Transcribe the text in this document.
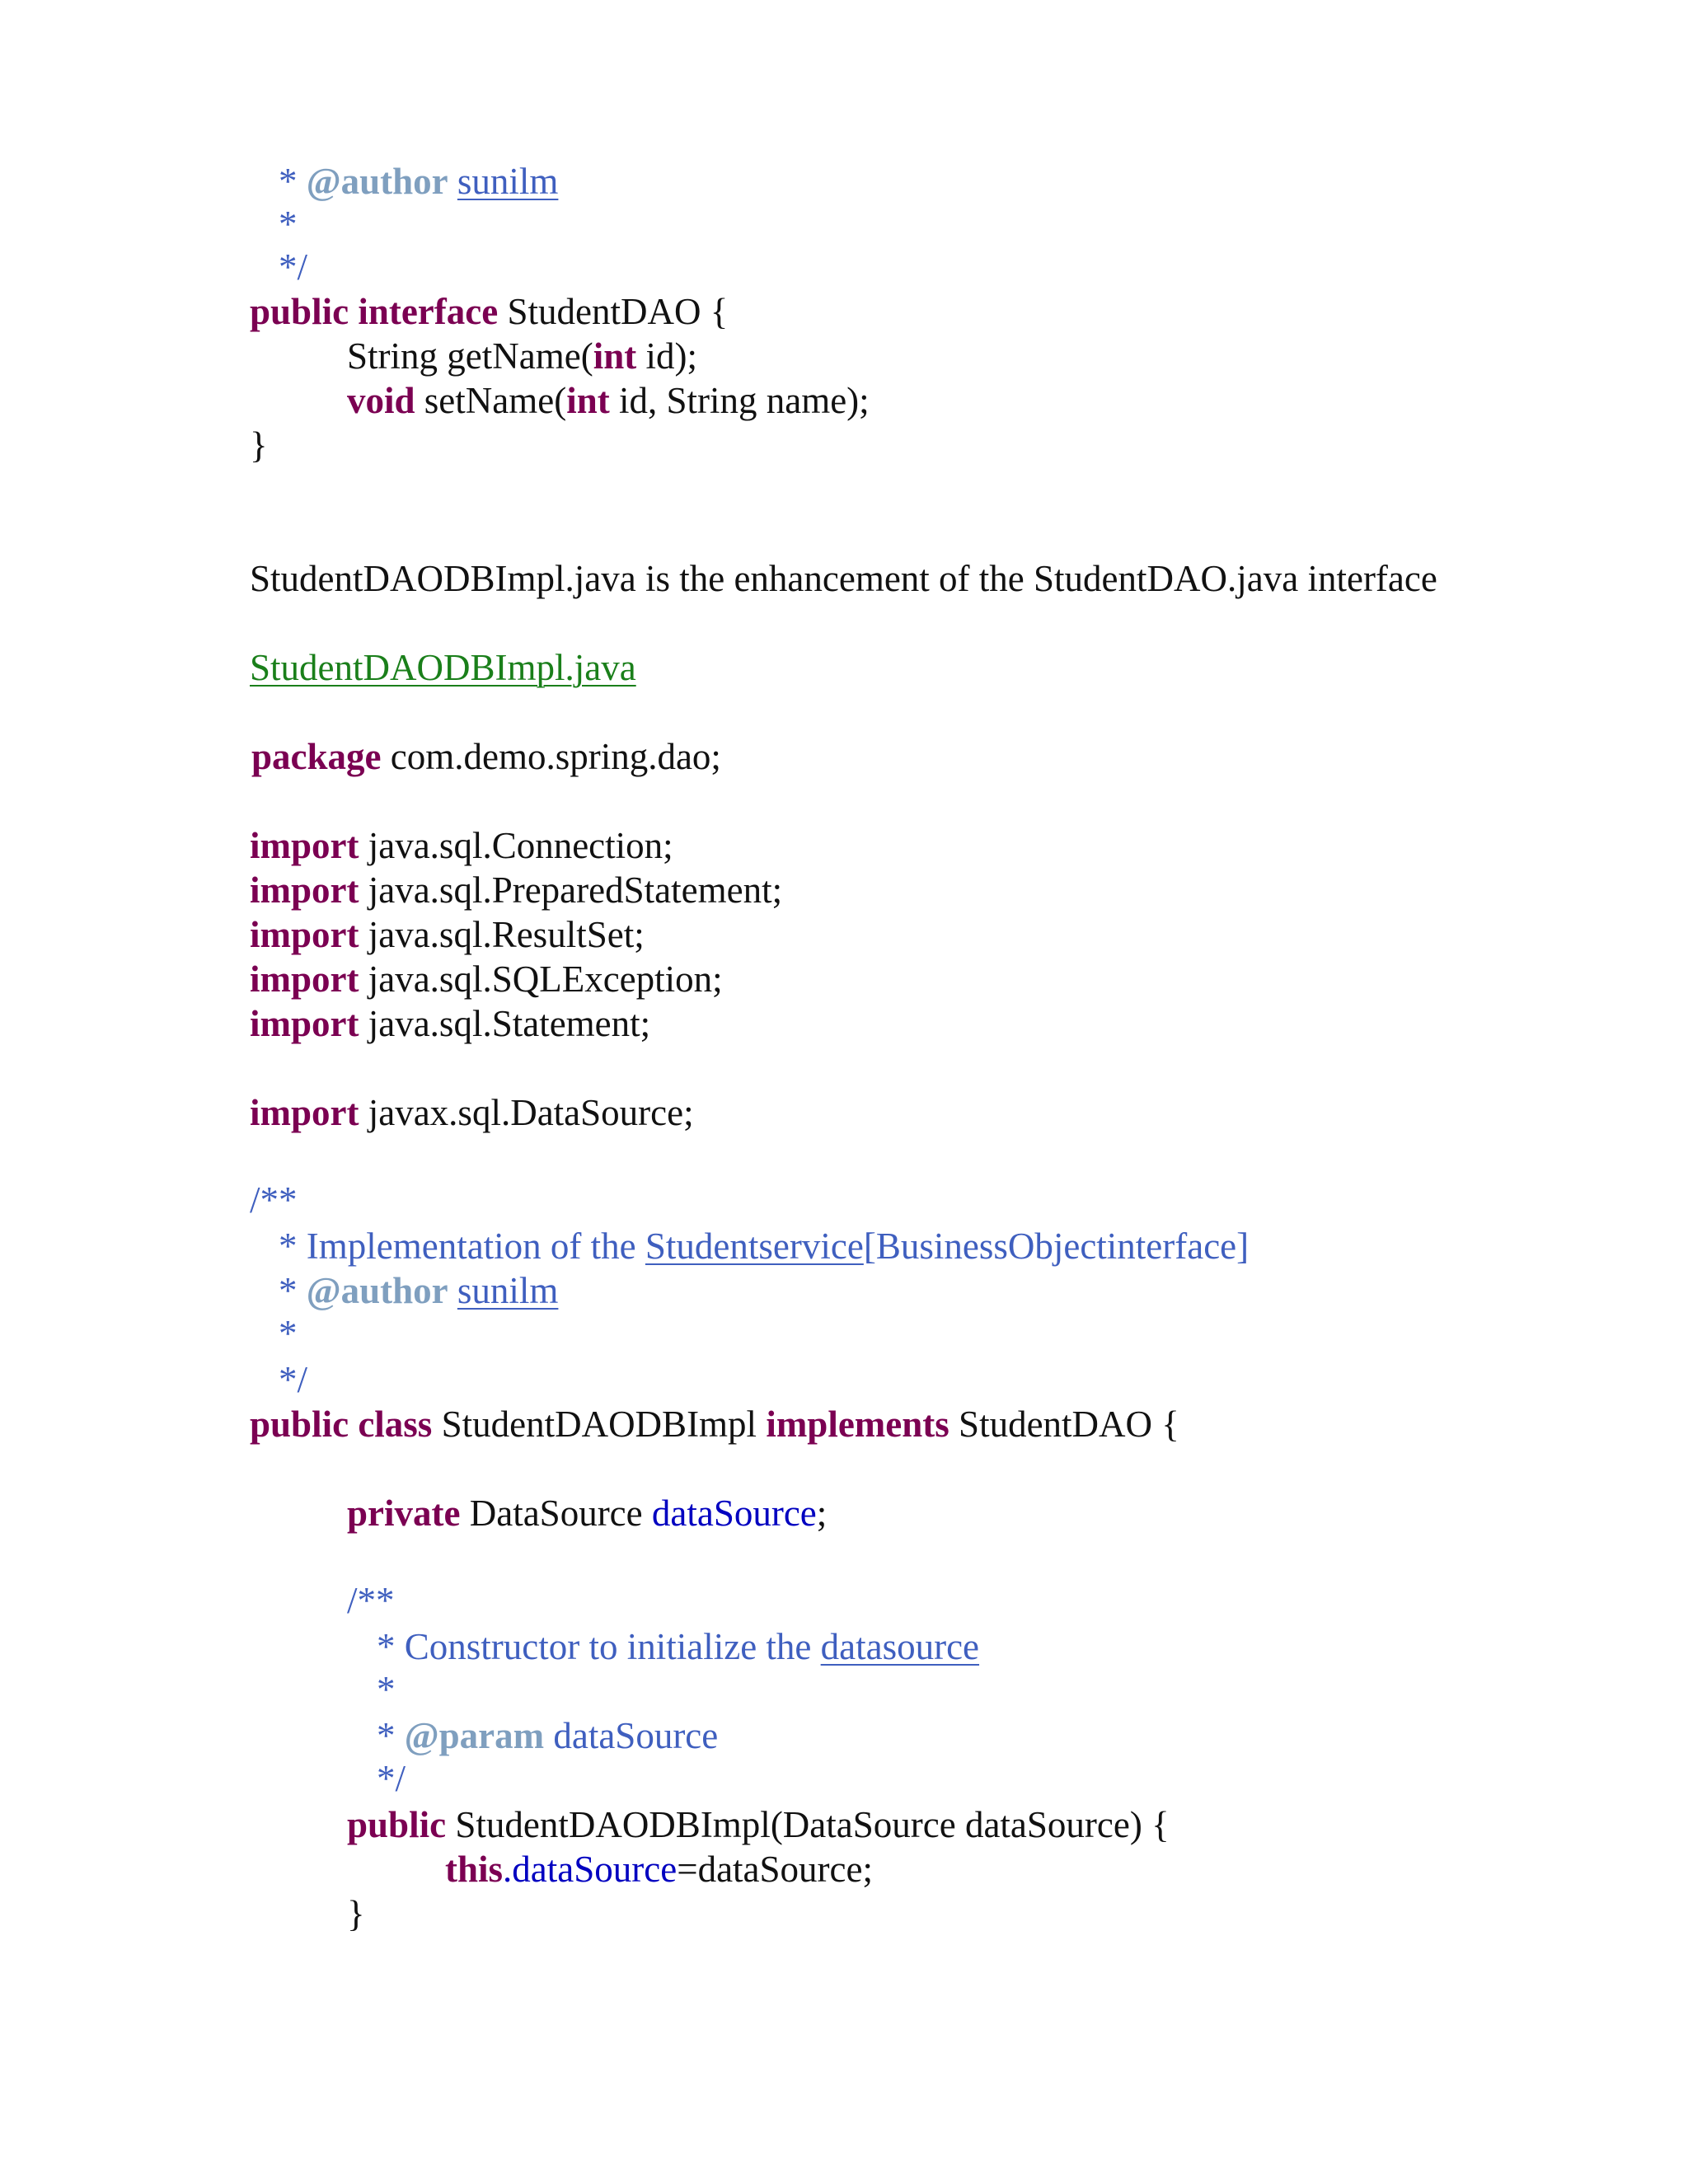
* @author sunilm
*
*/
public interface StudentDAO {
String getName(int id);
void setName(int id, String name);
}
StudentDAODBImpl.java is the enhancement of the StudentDAO.java interface
StudentDAODBImpl.java
package com.demo.spring.dao;
import java.sql.Connection;
import java.sql.PreparedStatement;
import java.sql.ResultSet;
import java.sql.SQLException;
import java.sql.Statement;
import javax.sql.DataSource;
/**
* Implementation of the Studentservice[BusinessObjectinterface]
* @author sunilm
*
*/
public class StudentDAODBImpl implements StudentDAO {
private DataSource dataSource;
/**
* Constructor to initialize the datasource
*
* @param dataSource
*/
public StudentDAODBImpl(DataSource dataSource) {
this.dataSource=dataSource;
}
